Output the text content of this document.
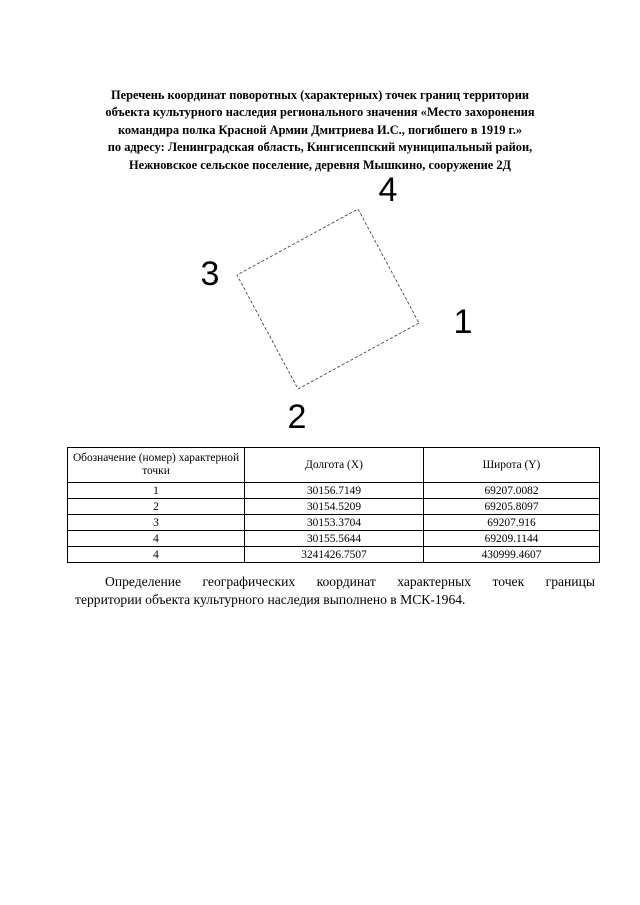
Перечень координат поворотных (характерных) точек границ территории
объекта культурного наследия регионального значения «Место захоронения
командира полка Красной Армии Дмитриева И.С., погибшего в 1919 г.»
по адресу: Ленинградская область, Кингисеппский муниципальный район,
Нежновское сельское поселение, деревня Мышкино, сооружение 2Д
4
3
1
2
Обозначение (номер) характерной точки	Долгота (X)	Широта (Y)
1	30156.7149	69207.0082
2	30154.5209	69205.8097
3	30153.3704	69207.916
4	30155.5644	69209.1144
4	3241426.7507	430999.4607
Определение географических координат характерных точек границы
территории объекта культурного наследия выполнено в МСК-1964.
